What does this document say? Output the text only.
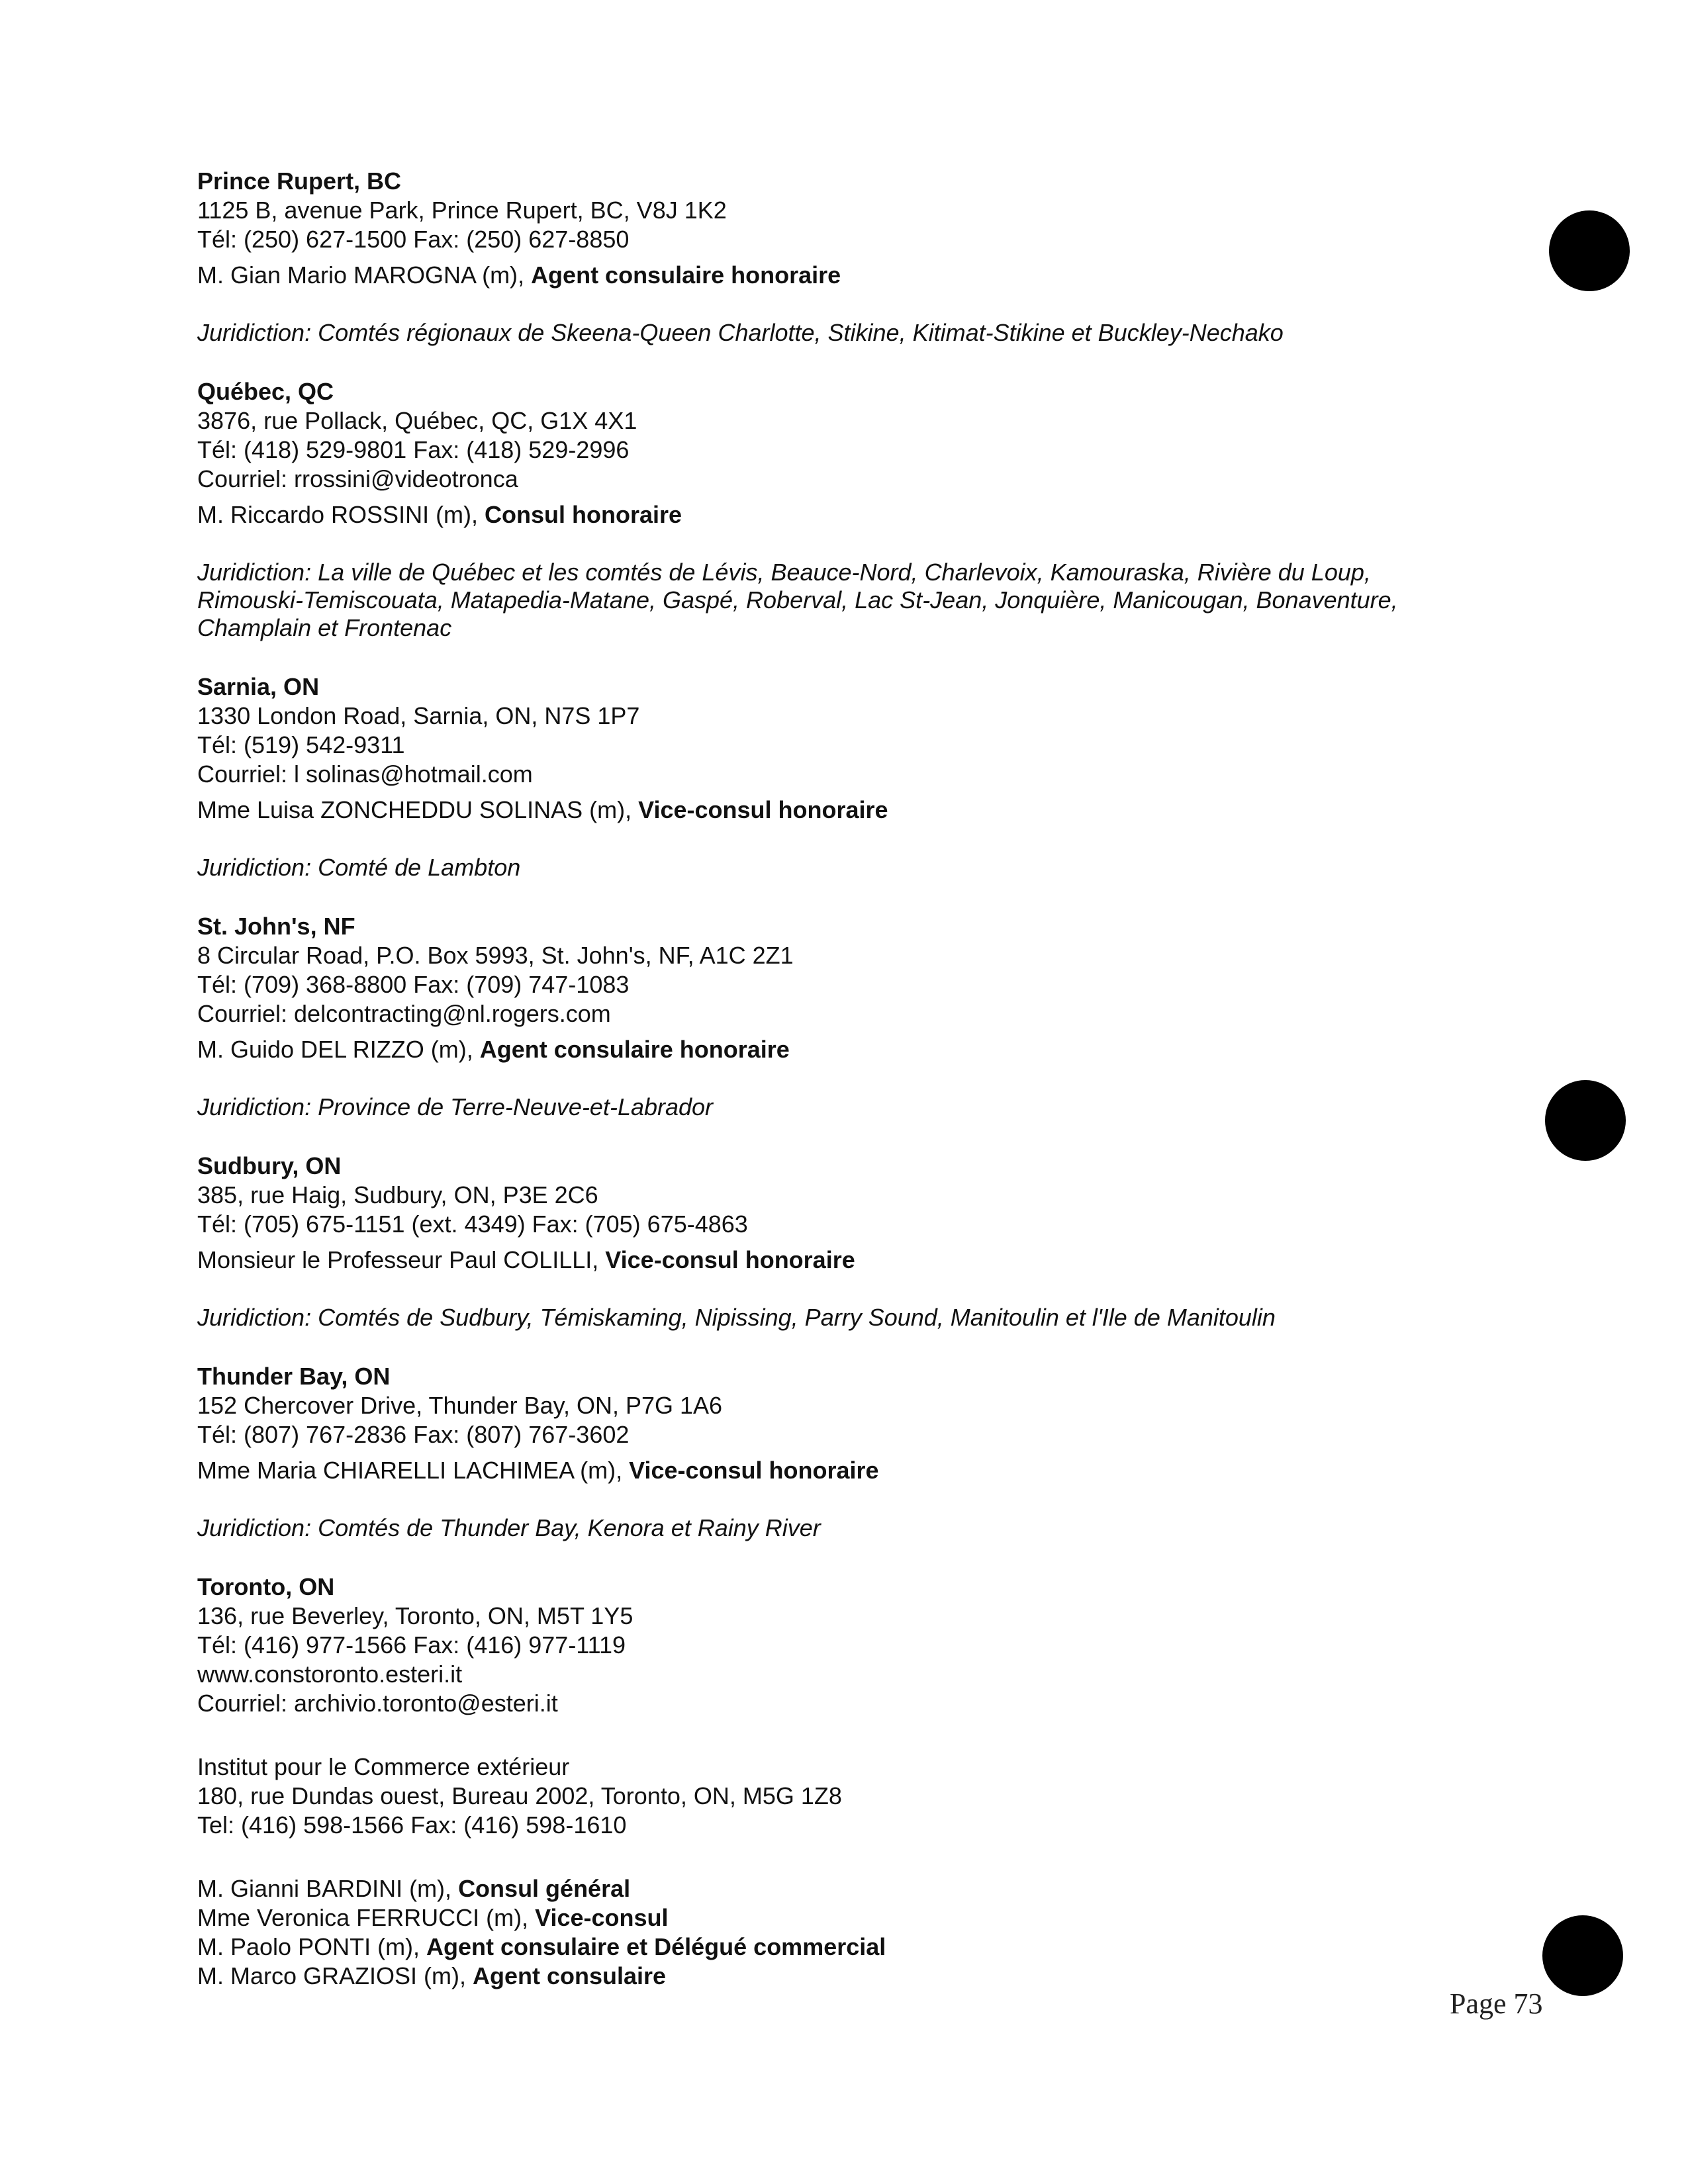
Prince Rupert, BC
1125 B, avenue Park, Prince Rupert, BC, V8J 1K2
Tél: (250) 627-1500 Fax: (250) 627-8850
M. Gian Mario MAROGNA (m), Agent consulaire honoraire
Juridiction: Comtés régionaux de Skeena-Queen Charlotte, Stikine, Kitimat-Stikine et Buckley-Nechako
Québec, QC
3876, rue Pollack, Québec, QC, G1X 4X1
Tél: (418) 529-9801 Fax: (418) 529-2996
Courriel: rrossini@videotronca
M. Riccardo ROSSINI (m), Consul honoraire
Juridiction: La ville de Québec et les comtés de Lévis, Beauce-Nord, Charlevoix, Kamouraska, Rivière du Loup, Rimouski-Temiscouata, Matapedia-Matane, Gaspé, Roberval, Lac St-Jean, Jonquière, Manicougan, Bonaventure, Champlain et Frontenac
Sarnia, ON
1330 London Road, Sarnia, ON, N7S 1P7
Tél: (519) 542-9311
Courriel: l solinas@hotmail.com
Mme Luisa ZONCHEDDU SOLINAS (m), Vice-consul honoraire
Juridiction: Comté de Lambton
St. John's, NF
8 Circular Road, P.O. Box 5993, St. John's, NF, A1C 2Z1
Tél: (709) 368-8800 Fax: (709) 747-1083
Courriel: delcontracting@nl.rogers.com
M. Guido DEL RIZZO (m), Agent consulaire honoraire
Juridiction: Province de Terre-Neuve-et-Labrador
Sudbury, ON
385, rue Haig, Sudbury, ON, P3E 2C6
Tél: (705) 675-1151 (ext. 4349) Fax: (705) 675-4863
Monsieur le Professeur Paul COLILLI, Vice-consul honoraire
Juridiction: Comtés de Sudbury, Témiskaming, Nipissing, Parry Sound, Manitoulin et l'Ile de Manitoulin
Thunder Bay, ON
152 Chercover Drive, Thunder Bay, ON, P7G 1A6
Tél: (807) 767-2836 Fax: (807) 767-3602
Mme Maria CHIARELLI LACHIMEA (m), Vice-consul honoraire
Juridiction: Comtés de Thunder Bay, Kenora et Rainy River
Toronto, ON
136, rue Beverley, Toronto, ON, M5T 1Y5
Tél: (416) 977-1566 Fax: (416) 977-1119
www.constoronto.esteri.it
Courriel: archivio.toronto@esteri.it
Institut pour le Commerce extérieur
180, rue Dundas ouest, Bureau 2002, Toronto, ON, M5G 1Z8
Tel: (416) 598-1566 Fax: (416) 598-1610
M. Gianni BARDINI (m), Consul général
Mme Veronica FERRUCCI (m), Vice-consul
M. Paolo PONTI (m), Agent consulaire et Délégué commercial
M. Marco GRAZIOSI (m), Agent consulaire
Page 73
